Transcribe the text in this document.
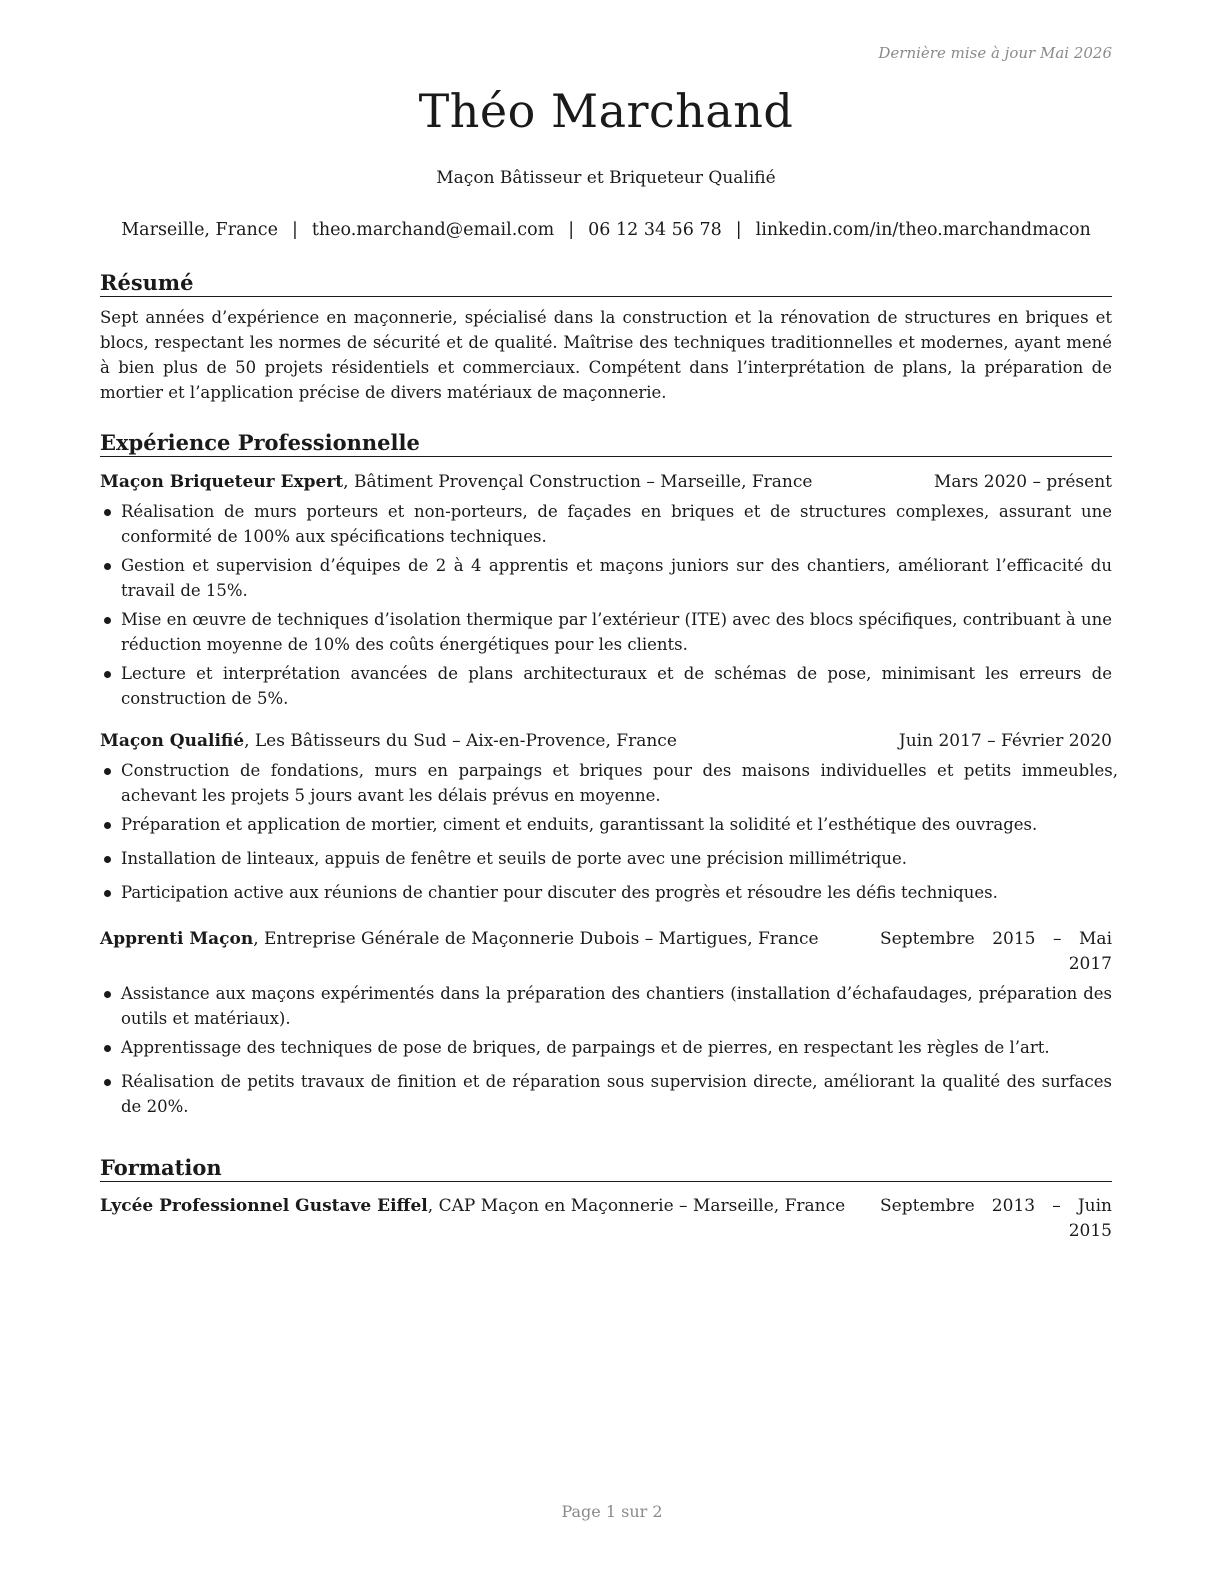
Dernière mise à jour Mai 2026
Théo Marchand
Maçon Bâtisseur et Briqueteur Qualifié
Marseille, France | theo.marchand@email.com | 06 12 34 56 78 | linkedin.com/in/theo.marchandmacon
Résumé

Sept années d’expérience en maçonnerie, spécialisé dans la construction et la rénovation de structures en briques et blocs, respectant les normes de sécurité et de qualité. Maîtrise des techniques traditionnelles et modernes, ayant mené à bien plus de 50 projets résidentiels et commerciaux. Compétent dans l’interprétation de plans, la préparation de mortier et l’application précise de divers matériaux de maçonnerie.

Expérience Professionnelle
Maçon Briqueteur Expert, Bâtiment Provençal Construction – Marseille, France	Mars 2020 – présent
Réalisation de murs porteurs et non-porteurs, de façades en briques et de structures complexes, assurant une conformité de 100% aux spécifications techniques.
Gestion et supervision d’équipes de 2 à 4 apprentis et maçons juniors sur des chantiers, améliorant l’efficacité du travail de 15%.
Mise en œuvre de techniques d’isolation thermique par l’extérieur (ITE) avec des blocs spécifiques, contribuant à une réduction moyenne de 10% des coûts énergétiques pour les clients.
Lecture et interprétation avancées de plans architecturaux et de schémas de pose, minimisant les erreurs de construction de 5%.
Maçon Qualifié, Les Bâtisseurs du Sud – Aix-en-Provence, France	Juin 2017 – Février 2020
Construction de fondations, murs en parpaings et briques pour des maisons individuelles et petits immeubles, achevant les projets 5 jours avant les délais prévus en moyenne.
Préparation et application de mortier, ciment et enduits, garantissant la solidité et l’esthétique des ouvrages.
Installation de linteaux, appuis de fenêtre et seuils de porte avec une précision millimétrique.
Participation active aux réunions de chantier pour discuter des progrès et résoudre les défis techniques.
Apprenti Maçon, Entreprise Générale de Maçonnerie Dubois – Martigues, France	Septembre 2015 – Mai 2017
Assistance aux maçons expérimentés dans la préparation des chantiers (installation d’échafaudages, préparation des outils et matériaux).
Apprentissage des techniques de pose de briques, de parpaings et de pierres, en respectant les règles de l’art.
Réalisation de petits travaux de finition et de réparation sous supervision directe, améliorant la qualité des surfaces de 20%.
Formation
Lycée Professionnel Gustave Eiffel, CAP Maçon en Maçonnerie – Marseille, France	Septembre 2013 – Juin 2015
Page 1 sur 2
